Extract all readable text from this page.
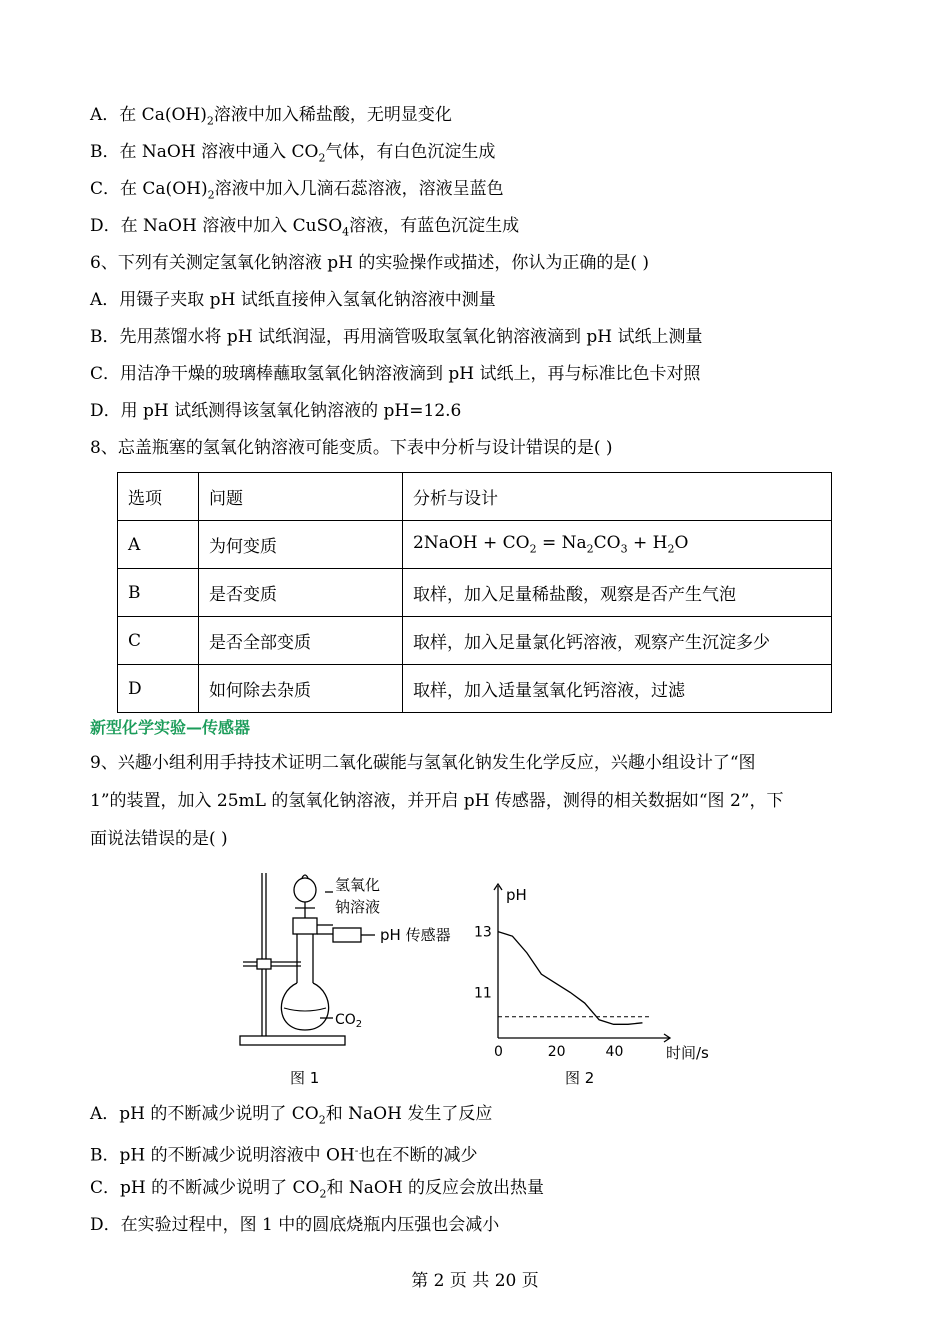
A．在 $Ca(OH)_2$溶液中加入稀盐酸，无明显变化
B．在 NaOH 溶液中通入 $CO_2$气体，有白色沉淀生成
C．在 $Ca(OH)_2$溶液中加入几滴石蕊溶液，溶液呈蓝色
D．在 NaOH 溶液中加入 CuSO$_4$溶液，有蓝色沉淀生成
6、下列有关测定氢氧化钠溶液 pH 的实验操作或描述，你认为正确的是( )
A．用镊子夹取 pH 试纸直接伸入氢氧化钠溶液中测量
B．先用蒸馏水将 pH 试纸润湿，再用滴管吸取氢氧化钠溶液滴到 pH 试纸上测量
C．用洁净干燥的玻璃棒蘸取氢氧化钠溶液滴到 pH 试纸上，再与标准比色卡对照
D．用 pH 试纸测得该氢氧化钠溶液的 pH=12.6
8、忘盖瓶塞的氢氧化钠溶液可能变质。下表中分析与设计错误的是( )
选项	问题	分析与设计
A	为何变质	2NaOH + $CO_2 = Na_2CO_3 + H_2O$
B	是否变质	取样，加入足量稀盐酸，观察是否产生气泡
C	是否全部变质	取样，加入足量氯化钙溶液，观察产生沉淀多少
D	如何除去杂质	取样，加入适量氢氧化钙溶液，过滤
新型化学实验—传感器
9、兴趣小组利用手持技术证明二氧化碳能与氢氧化钠发生化学反应，兴趣小组设计了“图
1”的装置，加入 25mL 的氢氧化钠溶液，并开启 pH 传感器，测得的相关数据如“图 2”，下
面说法错误的是( )
氢氧化
钠溶液
pH 传感器
$CO_2$
图 1
pH
时间/s
0	20	40
11
13
图 2
A．pH 的不断减少说明了 $CO_2$和 NaOH 发生了反应
B．pH 的不断减少说明溶液中 OH-也在不断的减少
C．pH 的不断减少说明了 $CO_2$和 NaOH 的反应会放出热量
D．在实验过程中，图 1 中的圆底烧瓶内压强也会减小
第 2 页 共 20 页
